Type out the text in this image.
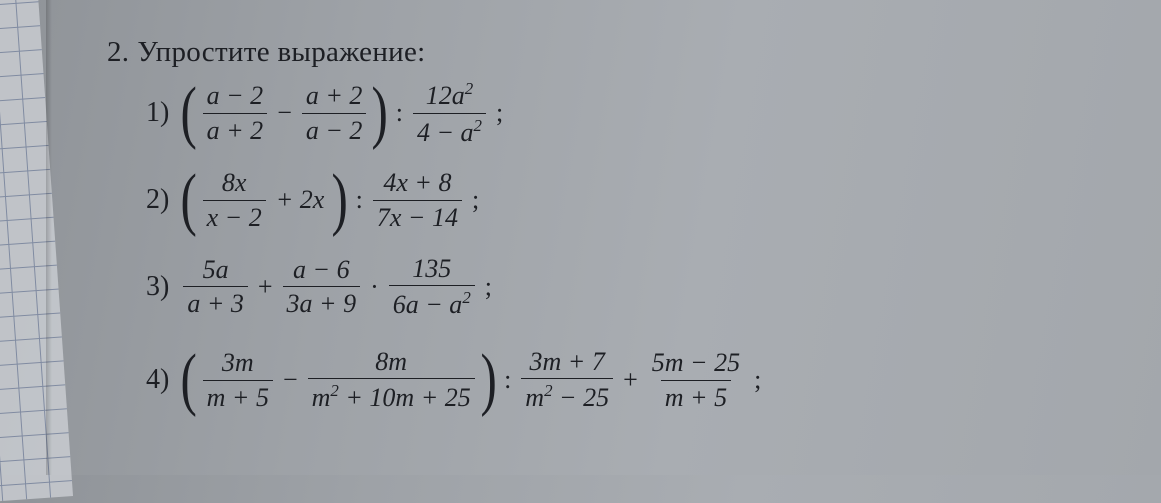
2. Упростите выражение:
1) ( $\frac{a - 2}{a + 2} - \frac{a + 2}{a - 2}$ ) : $\frac{12a^2}{4 - a^2}$ ;
2) ( $\frac{8x}{x - 2} + 2x$ ) : $\frac{4x + 8}{7x - 14}$ ;
$3) \frac{5a}{a + 3} + \frac{a - 6}{3a + 9} \cdot \frac{135}{6a - a^2}$ ;
4) ( $\frac{3m}{m + 5} - \frac{8m}{m^2 + 10m + 25}$ ) : $\frac{3m + 7}{m^2 - 25} + \frac{5m - 25}{m + 5}$ ;
